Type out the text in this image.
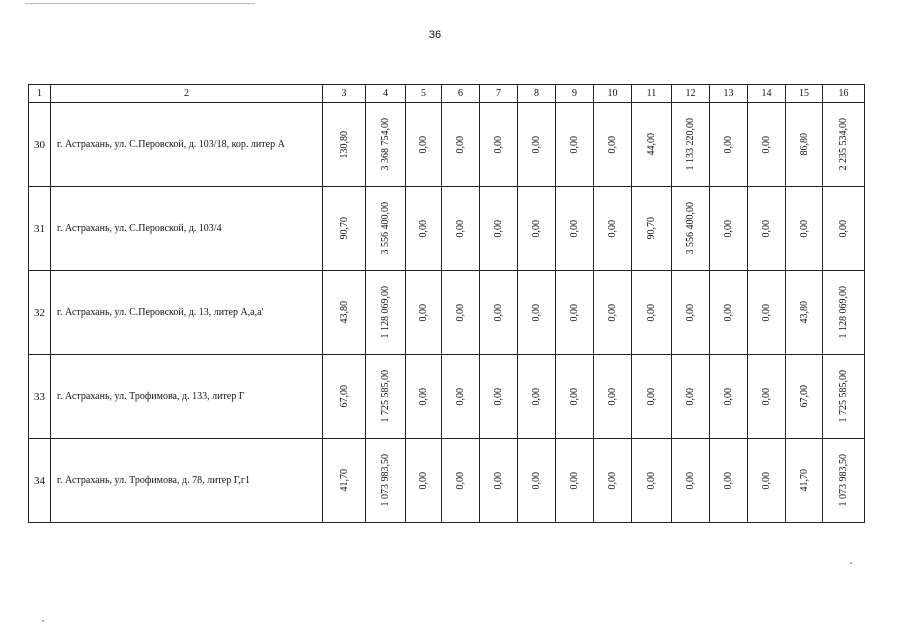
36
1	2	3	4	5	6	7	8	9	10	11	12	13	14	15	16
30	г. Астрахань, ул. С.Перовской, д. 103/18, кор. литер А	130,80	3 368 754,00	0,00	0,00	0,00	0,00	0,00	0,00	44,00	1 133 220,00	0,00	0,00	86,80	2 235 534,00

31	г. Астрахань, ул. С.Перовской, д. 103/4	90,70	3 556 400,00	0,00	0,00	0,00	0,00	0,00	0,00	90,70	3 556 400,00	0,00	0,00	0,00	0,00

32	г. Астрахань, ул. С.Перовской, д. 13, литер А,а,а'	43,80	1 128 069,00	0,00	0,00	0,00	0,00	0,00	0,00	0,00	0,00	0,00	0,00	43,80	1 128 069,00

33	г. Астрахань, ул. Трофимова, д. 133, литер Г	67,00	1 725 585,00	0,00	0,00	0,00	0,00	0,00	0,00	0,00	0,00	0,00	0,00	67,00	1 725 585,00

34	г. Астрахань, ул. Трофимова, д. 78, литер Г,г1	41,70	1 073 983,50	0,00	0,00	0,00	0,00	0,00	0,00	0,00	0,00	0,00	0,00	41,70	1 073 983,50
